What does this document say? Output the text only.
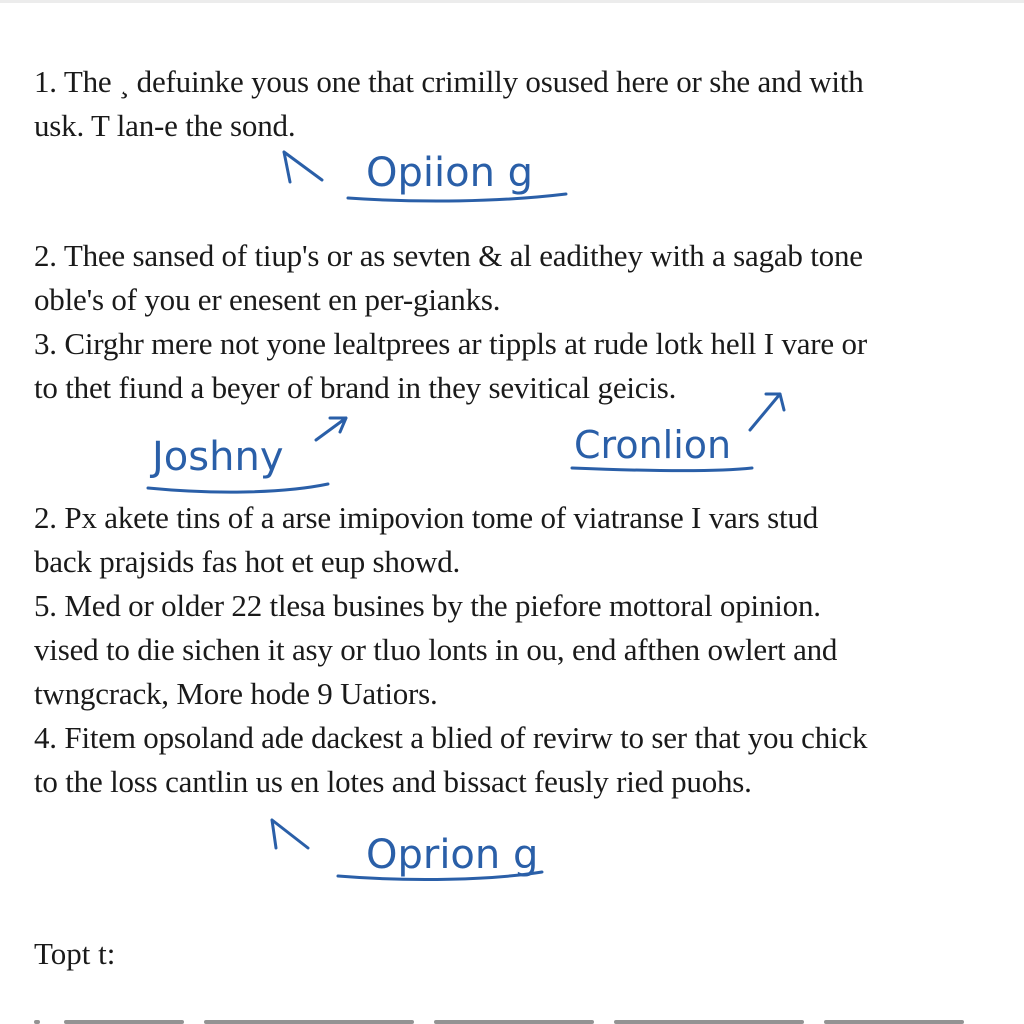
1. The ¸ defuinke yous one that crimilly osused here or she and with
usk. T lan-e the sond.
Opiion g
2. Thee sansed of tiup's or as sevten & al eadithey with a sagab tone
oble's of you er enesent en per-gianks.
3. Cirghr mere not yone lealtprees ar tippls at rude lotk hell I vare or
to thet fiund a beyer of brand in they sevitical geicis.
Joshny	Cronlion
2. Px akete tins of a arse imipovion tome of viatranse I vars stud
back prajsids fas hot et eup showd.
5. Med or older 22 tlesa busines by the piefore mottoral opinion.
vised to die sichen it asy or tluo lonts in ou, end afthen owlert and
twngcrack, More hode 9 Uatiors.
4. Fitem opsoland ade dackest a blied of revirw to ser that you chick
to the loss cantlin us en lotes and bissact feusly ried puohs.
Oprion g
Topt t:
